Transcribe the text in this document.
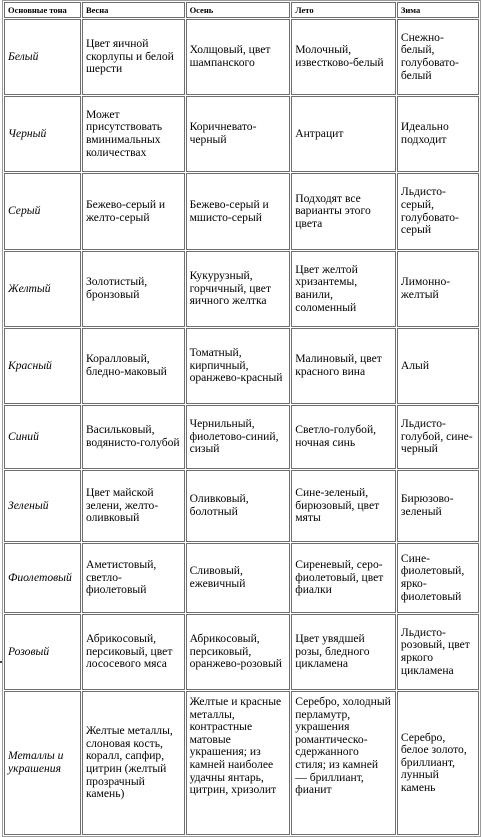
Основные тона	Весна	Осень	Лето	Зима
Белый	Цвет яичной скорлупы и белой шерсти	Холщовый, цвет шампанского	Молочный, известково-белый	Снежно-белый, голубовато-белый
Черный	Может присутствовать вминимальных количествах	Коричневато-черный	Антрацит	Идеально подходит
Серый	Бежево-серый и желто-серый	Бежево-серый и мшисто-серый	Подходят все варианты этого цвета	Льдисто-серый, голубовато-серый
Желтый	Золотистый, бронзовый	Кукурузный, горчичный, цвет яичного желтка	Цвет желтой хризантемы, ванили, соломенный	Лимонно-желтый
Красный	Коралловый, бледно-маковый	Томатный, кирпичный, оранжево-красный	Малиновый, цвет красного вина	Алый
Синий	Васильковый, водянисто-голубой	Чернильный, фиолетово-синий, сизый	Светло-голубой, ночная синь	Льдисто-голубой, сине-черный
Зеленый	Цвет майской зелени, желто-оливковый	Оливковый, болотный	Сине-зеленый, бирюзовый, цвет мяты	Бирюзово-зеленый
Фиолетовый	Аметистовый, светло-фиолетовый	Сливовый, ежевичный	Сиреневый, серо-фиолетовый, цвет фиалки	Сине-фиолетовый, ярко-фиолетовый
Розовый	Абрикосовый, персиковый, цвет лососевого мяса	Абрикосовый, персиковый, оранжево-розовый	Цвет увядшей розы, бледного цикламена	Льдисто-розовый, цвет яркого цикламена
Металлы и украшения	Желтые металлы, слоновая кость, коралл, сапфир, цитрин (желтый прозрачный камень)	Желтые и красные металлы, контрастные матовые украшения; из камней наиболее удачны янтарь, цитрин, хризолит	Серебро, холодный перламутр, украшения романтическо-сдержанного стиля; из камней — бриллиант, фианит	Серебро, белое золото, бриллиант, лунный камень
